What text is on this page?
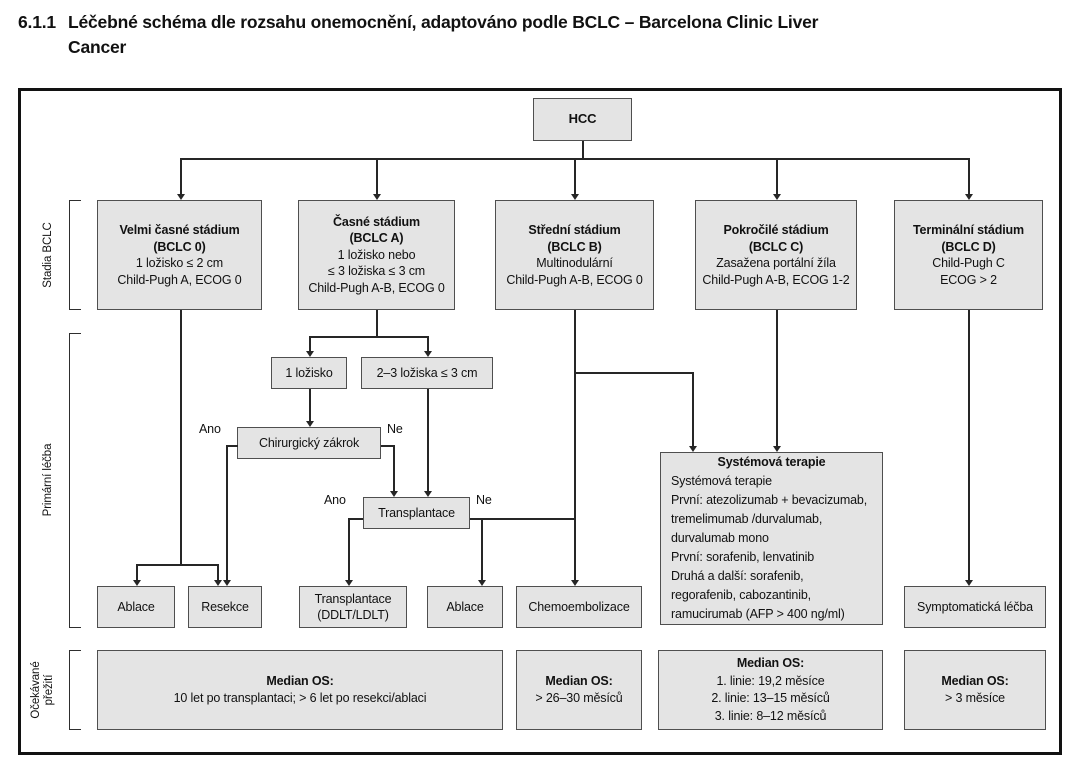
6.1.1 Léčebné schéma dle rozsahu onemocnění, adaptováno podle BCLC – Barcelona Clinic Liver
Cancer
HCC
Velmi časné stádium
(BCLC 0)
1 ložisko ≤ 2 cm
Child-Pugh A, ECOG 0
Časné stádium
(BCLC A)
1 ložisko nebo
≤ 3 ložiska ≤ 3 cm
Child-Pugh A-B, ECOG 0
Střední stádium
(BCLC B)
Multinodulární
Child-Pugh A-B, ECOG 0
Pokročilé stádium
(BCLC C)
Zasažena portální žíla
Child-Pugh A-B, ECOG 1-2
Terminální stádium
(BCLC D)
Child-Pugh C
ECOG > 2
1 ložisko	2–3 ložiska ≤ 3 cm
Chirurgický zákrok
Ano	Ne
Transplantace
Ano	Ne
Systémová terapie
Systémová terapie
První: atezolizumab + bevacizumab,
tremelimumab /durvalumab,
durvalumab mono
První: sorafenib, lenvatinib
Druhá a další: sorafenib,
regorafenib, cabozantinib,
ramucirumab (AFP > 400 ng/ml)
Ablace	Resekce
Transplantace
(DDLT/LDLT)
Ablace	Chemoembolizace	Symptomatická léčba
Median OS:
10 let po transplantaci; > 6 let po resekci/ablaci
Median OS:
> 26–30 měsíců
Median OS:
1. linie: 19,2 měsíce
2. linie: 13–15 měsíců
3. linie: 8–12 měsíců
Median OS:
> 3 měsíce
Stadia BCLC
Primární léčba
Očekávané přežití
